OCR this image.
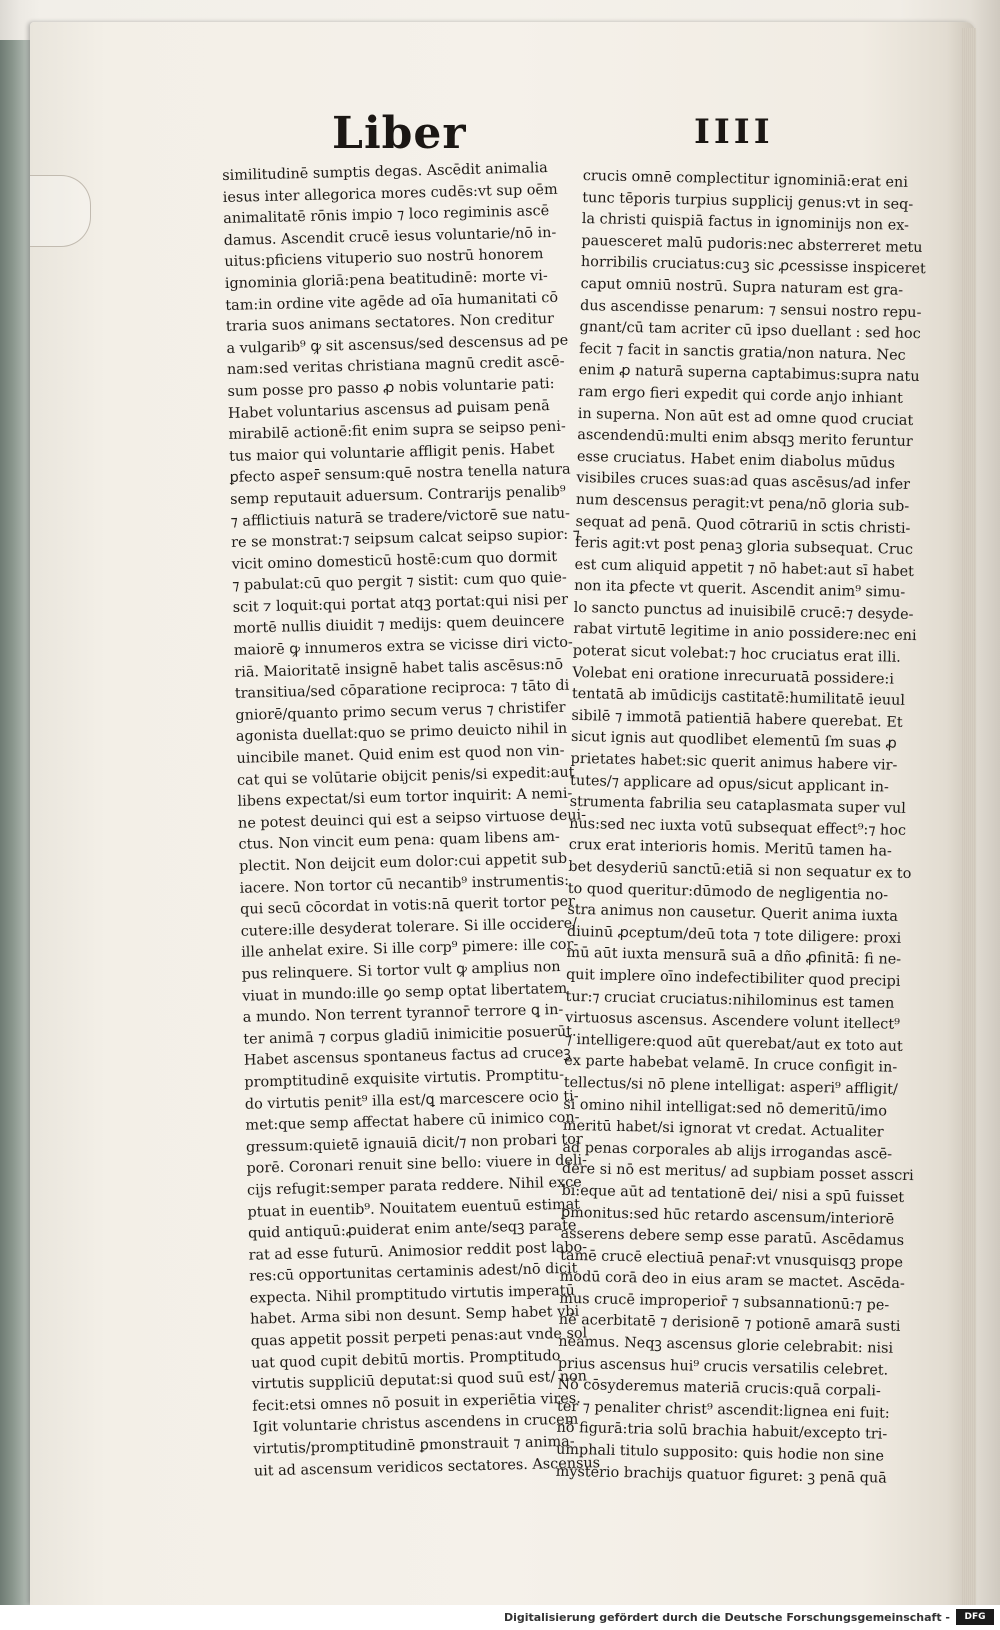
Liber	IIII
similitudinē sumptis degas. Ascēdit animalia
iesus inter allegorica mores cudēs:vt sup oēm
animalitatē rōnis impio ⁊ loco regiminis ascē
damus. Ascendit crucē iesus voluntarie/nō in-
uitus:pficiens vituperio suo nostrū honorem
ignominia gloriā:pena beatitudinē: morte vi-
tam:in ordine vite agēde ad oīa humanitati cō
traria suos animans sectatores. Non creditur
a vulgarib⁹ ꝙ sit ascensus/sed descensus ad pe
nam:sed veritas christiana magnū credit ascē-
sum posse pro passo ꝓ nobis voluntarie pati:
Habet voluntarius ascensus ad ꝑuisam penā
mirabilē actionē:fit enim supra se seipso peni-
tus maior qui voluntarie affligit penis. Habet
ꝑfecto asper̄ sensum:quē nostra tenella natura
semp reputauit aduersum. Contrarijs penalib⁹
⁊ afflictiuis naturā se tradere/victorē sue natu-
re se monstrat:⁊ seipsum calcat seipso supior: ⁊
vicit omino domesticū hostē:cum quo dormit
⁊ pabulat:cū quo pergit ⁊ sistit: cum quo quie-
scit ⁊ loquit:qui portat atqꝫ portat:qui nisi per
mortē nullis diuidit ⁊ medijs: quem deuincere
maiorē ꝙ innumeros extra se vicisse diri victo-
riā. Maioritatē insignē habet talis ascēsus:nō
transitiua/sed cōparatione reciproca: ⁊ tāto di
gniorē/quanto primo secum verus ⁊ christifer
agonista duellat:quo se primo deuicto nihil in
uincibile manet. Quid enim est quod non vin-
cat qui se volūtarie obijcit penis/si expedit:aut
libens expectat/si eum tortor inquirit: A nemi-
ne potest deuinci qui est a seipso virtuose deui-
ctus. Non vincit eum pena: quam libens am-
plectit. Non deijcit eum dolor:cui appetit sub
iacere. Non tortor cū necantib⁹ instrumentis:
qui secū cōcordat in votis:nā querit tortor per
cutere:ille desyderat tolerare. Si ille occidere/
ille anhelat exire. Si ille corp⁹ pimere: ille cor-
pus relinquere. Si tortor vult ꝙ amplius non
viuat in mundo:ille ꝯo semp optat libertatem
a mundo. Non terrent tyrannor̄ terrore ꝗ in-
ter animā ⁊ corpus gladiū inimicitie posuerūt.
Habet ascensus spontaneus factus ad cruceꝫ
promptitudinē exquisite virtutis. Promptitu-
do virtutis penit⁹ illa est/ꝗ marcescere ocio ti-
met:que semp affectat habere cū inimico con-
gressum:quietē ignauiā dicit/⁊ non probari tor
porē. Coronari renuit sine bello: viuere in deli-
cijs refugit:semper parata reddere. Nihil exce
ptuat in euentib⁹. Nouitatem euentuū estimat
quid antiquū:ꝓuiderat enim ante/seqꝫ parate
rat ad esse futurū. Animosior reddit post labo-
res:cū opportunitas certaminis adest/nō dicit
expecta. Nihil promptitudo virtutis imperatū
habet. Arma sibi non desunt. Semp habet vbi
quas appetit possit perpeti penas:aut vnde sol
uat quod cupit debitū mortis. Promptitudo
virtutis suppliciū deputat:si quod suū est/ non
fecit:etsi omnes nō posuit in experiētia vires.
Igit voluntarie christus ascendens in crucem
virtutis/promptitudinē ꝑmonstrauit ⁊ anima-
uit ad ascensum veridicos sectatores. Ascensus
crucis omnē complectitur ignominiā:erat eni
tunc tēporis turpius supplicij genus:vt in seq-
la christi quispiā factus in ignominijs non ex-
pauesceret malū pudoris:nec absterreret metu
horribilis cruciatus:cuꝫ sic ꝓcessisse inspiceret
caput omniū nostrū. Supra naturam est gra-
dus ascendisse penarum: ⁊ sensui nostro repu-
gnant/cū tam acriter cū ipso duellant : sed hoc
fecit ⁊ facit in sanctis gratia/non natura. Nec
enim ꝓ naturā superna captabimus:supra natu
ram ergo fieri expedit qui corde anjo inhiant
in superna. Non aūt est ad omne quod cruciat
ascendendū:multi enim absqꝫ merito feruntur
esse cruciatus. Habet enim diabolus mūdus
visibiles cruces suas:ad quas ascēsus/ad infer
num descensus peragit:vt pena/nō gloria sub-
sequat ad penā. Quod cōtrariū in sctis christi-
feris agit:vt post penaꝫ gloria subsequat. Cruc
est cum aliquid appetit ⁊ nō habet:aut sī habet
non ita ꝑfecte vt querit. Ascendit anim⁹ simu-
lo sancto punctus ad inuisibilē crucē:⁊ desyde-
rabat virtutē legitime in anio possidere:nec eni
poterat sicut volebat:⁊ hoc cruciatus erat illi.
Volebat eni oratione inrecuruatā possidere:i
tentatā ab imūdicijs castitatē:humilitatē ieuul
sibilē ⁊ immotā patientiā habere querebat. Et
sicut ignis aut quodlibet elementū ſm suas ꝓ
prietates habet:sic querit animus habere vir-
tutes/⁊ applicare ad opus/sicut applicant in-
strumenta fabrilia seu cataplasmata super vul
nus:sed nec iuxta votū subsequat effect⁹:⁊ hoc
crux erat interioris homis. Meritū tamen ha-
bet desyderiū sanctū:etiā si non sequatur ex to
to quod queritur:dūmodo de negligentia no-
stra animus non causetur. Querit anima iuxta
diuinū ꝓceptum/deū tota ⁊ tote diligere: proxi
mū aūt iuxta mensurā suā a dño ꝓfinitā: fi ne-
quit implere oīno indefectibiliter quod precipi
tur:⁊ cruciat cruciatus:nihilominus est tamen
virtuosus ascensus. Ascendere volunt itellect⁹
⁊ intelligere:quod aūt querebat/aut ex toto aut
ex parte habebat velamē. In cruce configit in-
tellectus/si nō plene intelligat: asperi⁹ affligit/
si omino nihil intelligat:sed nō demeritū/imo
meritū habet/si ignorat vt credat. Actualiter
ad penas corporales ab alijs irrogandas ascē-
dere si nō est meritus/ ad supbiam posset asscri
bi:eque aūt ad tentationē dei/ nisi a spū fuisset
ꝑmonitus:sed hūc retardo ascensum/interiorē
asserens debere semp esse paratū. Ascēdamus
tamē crucē electiuā penar̄:vt vnusquisqꝫ prope
modū corā deo in eius aram se mactet. Ascēda-
mus crucē improperior̄ ⁊ subsannationū:⁊ pe-
nē acerbitatē ⁊ derisionē ⁊ potionē amarā susti
neamus. Neqꝫ ascensus glorie celebrabit: nisi
prius ascensus hui⁹ crucis versatilis celebret.
Nō cōsyderemus materiā crucis:quā corpali-
ter ⁊ penaliter christ⁹ ascendit:lignea eni fuit:
nō figurā:tria solū brachia habuit/excepto tri-
umphali titulo supposito: ꝗuis hodie non sine
mysterio brachijs quatuor figuret: ꝫ penā quā
Digitalisierung gefördert durch die Deutsche Forschungsgemeinschaft -	DFG
